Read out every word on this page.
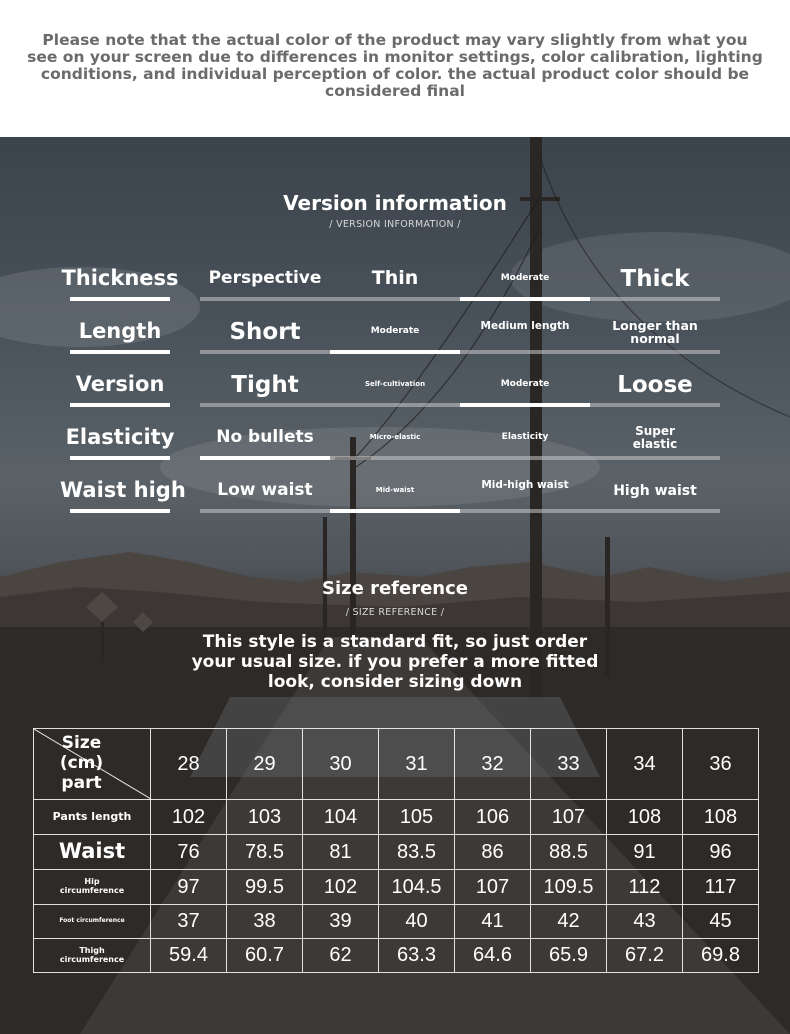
Please note that the actual color of the product may vary slightly from what you see on your screen due to differences in monitor settings, color calibration, lighting conditions, and individual perception of color. the actual product color should be considered final

Version information
/ VERSION INFORMATION /
Thickness	Perspective	Thin	Moderate	Thick
Length	Short	Moderate	Medium length	Longer than normal
Version	Tight	Self-cultivation	Moderate	Loose
Elasticity	No bullets	Micro-elastic	Elasticity	Super elastic
Waist high	Low waist	Mid-waist	Mid-high waist	High waist
Size reference
/ SIZE REFERENCE /
This style is a standard fit, so just order your usual size. if you prefer a more fitted look, consider sizing down
Size
(cm)
part	28	29	30	31	32	33	34	36
Pants length	102	103	104	105	106	107	108	108
Waist	76	78.5	81	83.5	86	88.5	91	96
Hip circumference	97	99.5	102	104.5	107	109.5	112	117
Foot circumference	37	38	39	40	41	42	43	45
Thigh circumference	59.4	60.7	62	63.3	64.6	65.9	67.2	69.8
